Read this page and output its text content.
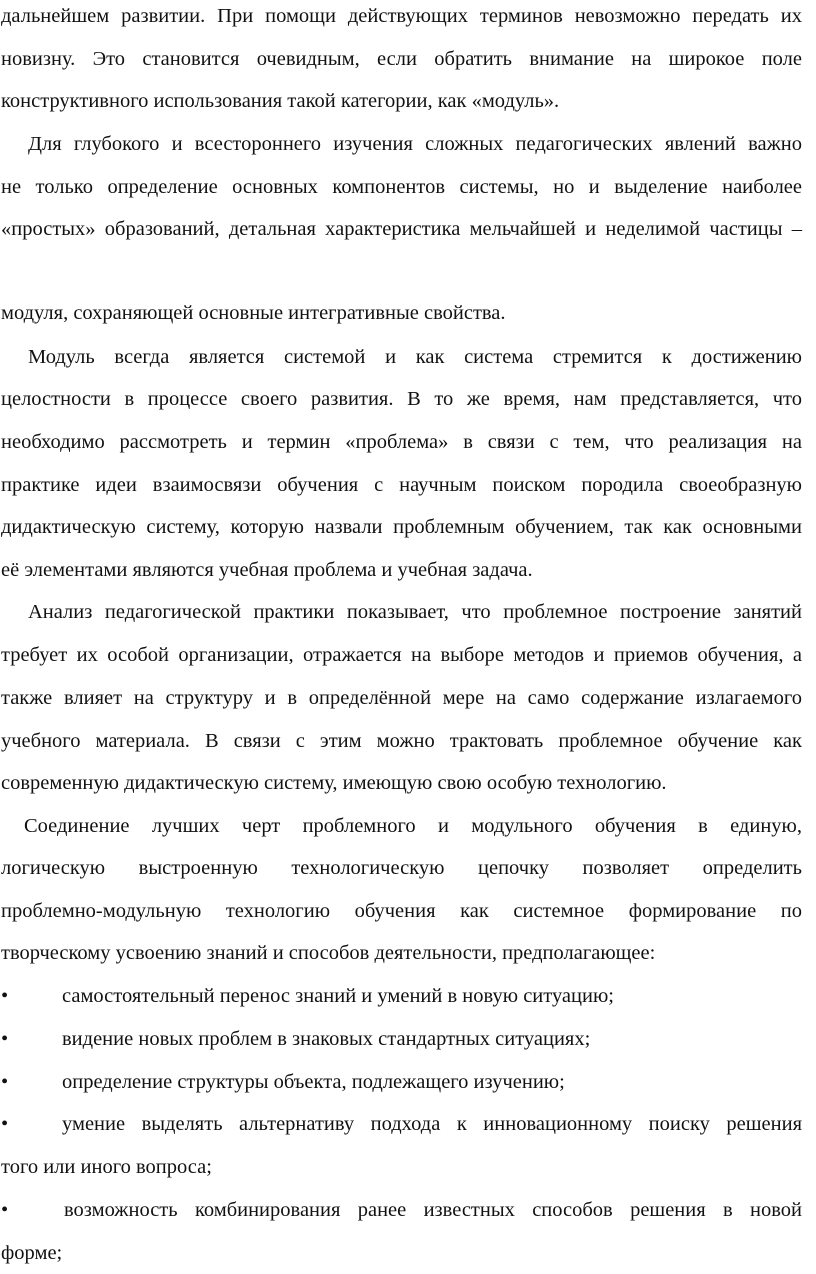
дальнейшем развитии. При помощи действующих терминов невозможно передать их
новизну. Это становится очевидным, если обратить внимание на широкое поле
конструктивного использования такой категории, как «модуль».
Для глубокого и всестороннего изучения сложных педагогических явлений важно
не только определение основных компонентов системы, но и выделение наиболее
«простых» образований, детальная характеристика мельчайшей и неделимой частицы –
модуля, сохраняющей основные интегративные свойства.
Модуль всегда является системой и как система стремится к достижению
целостности в процессе своего развития. В то же время, нам представляется, что
необходимо рассмотреть и термин «проблема» в связи с тем, что реализация на
практике идеи взаимосвязи обучения с научным поиском породила своеобразную
дидактическую систему, которую назвали проблемным обучением, так как основными
её элементами являются учебная проблема и учебная задача.
Анализ педагогической практики показывает, что проблемное построение занятий
требует их особой организации, отражается на выборе методов и приемов обучения, а
также влияет на структуру и в определённой мере на само содержание излагаемого
учебного материала. В связи с этим можно трактовать проблемное обучение как
современную дидактическую систему, имеющую свою особую технологию.
Соединение лучших черт проблемного и модульного обучения в единую,
логическую выстроенную технологическую цепочку позволяет определить
проблемно-модульную технологию обучения как системное формирование по
творческому усвоению знаний и способов деятельности, предполагающее:
•	самостоятельный перенос знаний и умений в новую ситуацию;
•	видение новых проблем в знаковых стандартных ситуациях;
•	определение структуры объекта, подлежащего изучению;
•	умение выделять альтернативу подхода к инновационному поиску решения
того или иного вопроса;
•	возможность комбинирования ранее известных способов решения в новой
форме;
